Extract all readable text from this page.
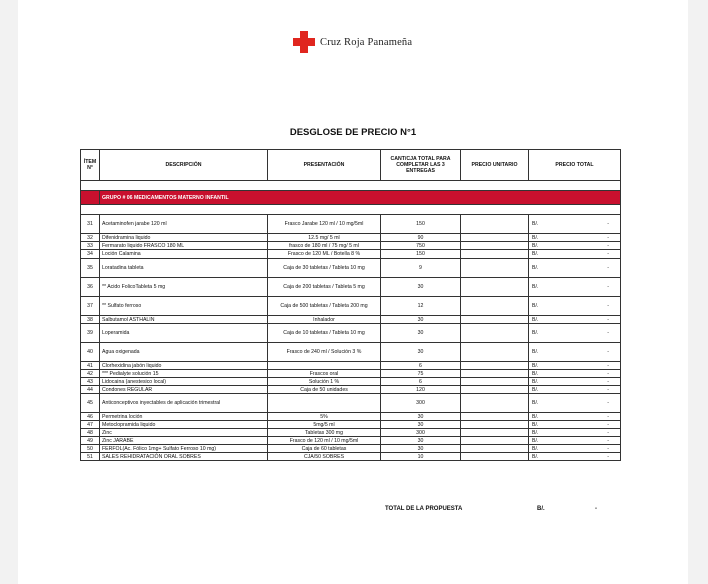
Cruz Roja Panameña
DESGLOSE DE PRECIO N°1
ÍTEM N°	DESCRIPCIÓN	PRESENTACIÓN	CANT/CJA TOTAL PARA COMPLETAR LAS 3 ENTREGAS	PRECIO UNITARIO	PRECIO TOTAL

	GRUPO # 06 MEDICAMENTOS MATERNO INFANTIL				

31	Acetaminofen jarabe 120 ml	Frasco Jarabe 120 ml / 10 mg/5ml	150		B/. -

32	Difenidramina liquido	12.5 mg/ 5 ml	90		B/. -

33	Fermarato liquido FRASCO 180 ML	frasco de 180 ml / 75 mg/ 5 ml	750		B/. -

34	Loción Calamina	Frasco de 120 ML / Botella 8 %	150		B/. -

35	Loratadina tableta	Caja de 30 tabletas / Tableta 10 mg	9		B/. -

36	** Acido FolicoTableta 5 mg	Caja de 200 tabletas / Tableta 5 mg	30		B/. -

37	** Sulfato ferroso	Caja de 500 tabletas / Tableta 200 mg	12		B/. -

38	Salbutamol ASTHALIN	Inhalador	30		B/. -

39	Loperamida	Caja de 10 tabletas / Tableta 10 mg	30		B/. -

40	Agua oxigenada	Frasco de 240 ml / Solución 3 %	30		B/. -

41	Clorhexidina jabón liquido		6		B/. -

42	*** Pedialyte solución 15	Frascos oral	75		B/. -

43	Lidocaina (anestesico local)	Solución 1 %	6		B/. -

44	Condones REGULAR	Caja de 50 unidades	120		B/. -

45	Anticonceptivos inyectables de aplicación trimestral		300		B/. -

46	Permetrina loción	5%	30		B/. -

47	Metoclopramida liquido	5mg/5 ml	30		B/. -

48	Zinc	Tabletas 300 mg	300		B/. -

49	Zinc JARABE	Frasco de 120 ml / 10 mg/5ml	30		B/. -

50	FERFOL(Ac. Fólico 1mg+ Sulfato Ferroso 10 mg)	Caja de 60 tabletas	30		B/. -

51	SALES REHIDRATACIÓN ORAL SOBRES	CJA/50 SOBRES	10		B/. -
TOTAL DE LA PROPUESTA	B/.	-
